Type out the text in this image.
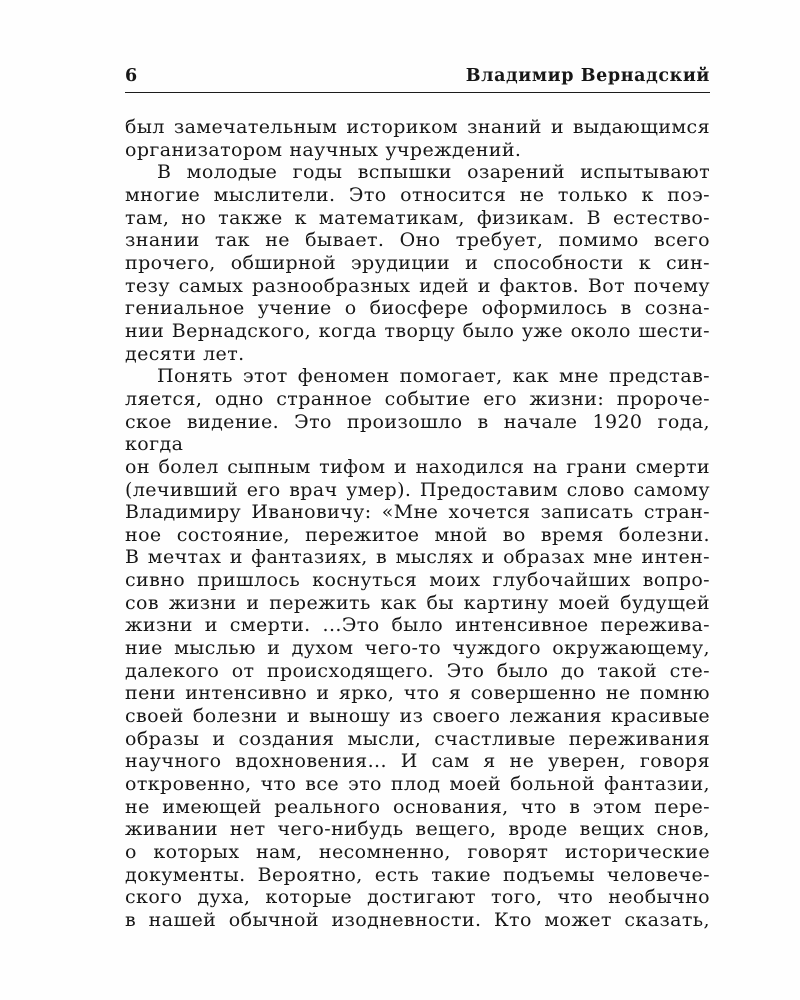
6	Владимир Вернадский
был замечательным историком знаний и выдающимся
организатором научных учреждений.
В молодые годы вспышки озарений испытывают
многие мыслители. Это относится не только к поэ-
там, но также к математикам, физикам. В естество-
знании так не бывает. Оно требует, помимо всего
прочего, обширной эрудиции и способности к син-
тезу самых разнообразных идей и фактов. Вот почему
гениальное учение о биосфере оформилось в созна-
нии Вернадского, когда творцу было уже около шести-
десяти лет.
Понять этот феномен помогает, как мне представ-
ляется, одно странное событие его жизни: пророче-
ское видение. Это произошло в начале 1920 года, когда
он болел сыпным тифом и находился на грани смерти
(лечивший его врач умер). Предоставим слово самому
Владимиру Ивановичу: «Мне хочется записать стран-
ное состояние, пережитое мной во время болезни.
В мечтах и фантазиях, в мыслях и образах мне интен-
сивно пришлось коснуться моих глубочайших вопро-
сов жизни и пережить как бы картину моей будущей
жизни и смерти. ...Это было интенсивное пережива-
ние мыслью и духом чего-то чуждого окружающему,
далекого от происходящего. Это было до такой сте-
пени интенсивно и ярко, что я совершенно не помню
своей болезни и выношу из своего лежания красивые
образы и создания мысли, счастливые переживания
научного вдохновения... И сам я не уверен, говоря
откровенно, что все это плод моей больной фантазии,
не имеющей реального основания, что в этом пере-
живании нет чего-нибудь вещего, вроде вещих снов,
о которых нам, несомненно, говорят исторические
документы. Вероятно, есть такие подъемы человече-
ского духа, которые достигают того, что необычно
в нашей обычной изодневности. Кто может сказать,
